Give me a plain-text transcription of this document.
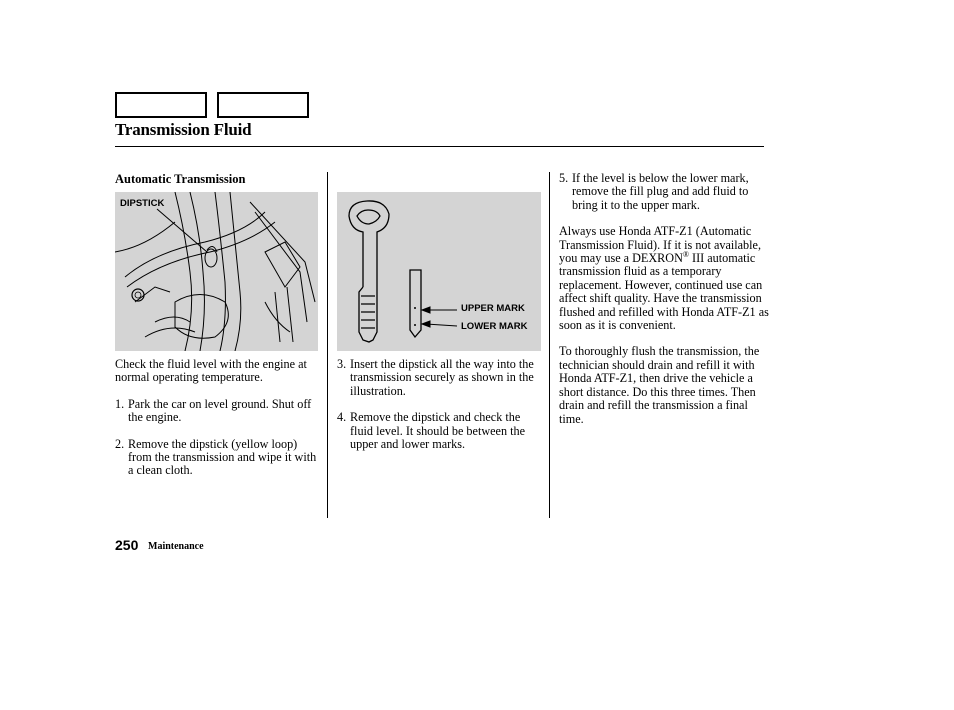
Transmission Fluid
Automatic Transmission
DIPSTICK

Check the fluid level with the engine at normal operating temperature.

1. Park the car on level ground. Shut off the engine.

2. Remove the dipstick (yellow loop) from the transmission and wipe it with a clean cloth.

UPPER MARK
LOWER MARK

3. Insert the dipstick all the way into the transmission securely as shown in the illustration.

4. Remove the dipstick and check the fluid level. It should be between the upper and lower marks.

5. If the level is below the lower mark, remove the fill plug and add fluid to bring it to the upper mark.

Always use Honda ATF-Z1 (Automatic Transmission Fluid). If it is not available, you may use a DEXRON® III automatic transmission fluid as a temporary replacement. However, continued use can affect shift quality. Have the transmission flushed and refilled with Honda ATF-Z1 as soon as it is convenient.

To thoroughly flush the transmission, the technician should drain and refill it with Honda ATF-Z1, then drive the vehicle a short distance. Do this three times. Then drain and refill the transmission a final time.

250 Maintenance
